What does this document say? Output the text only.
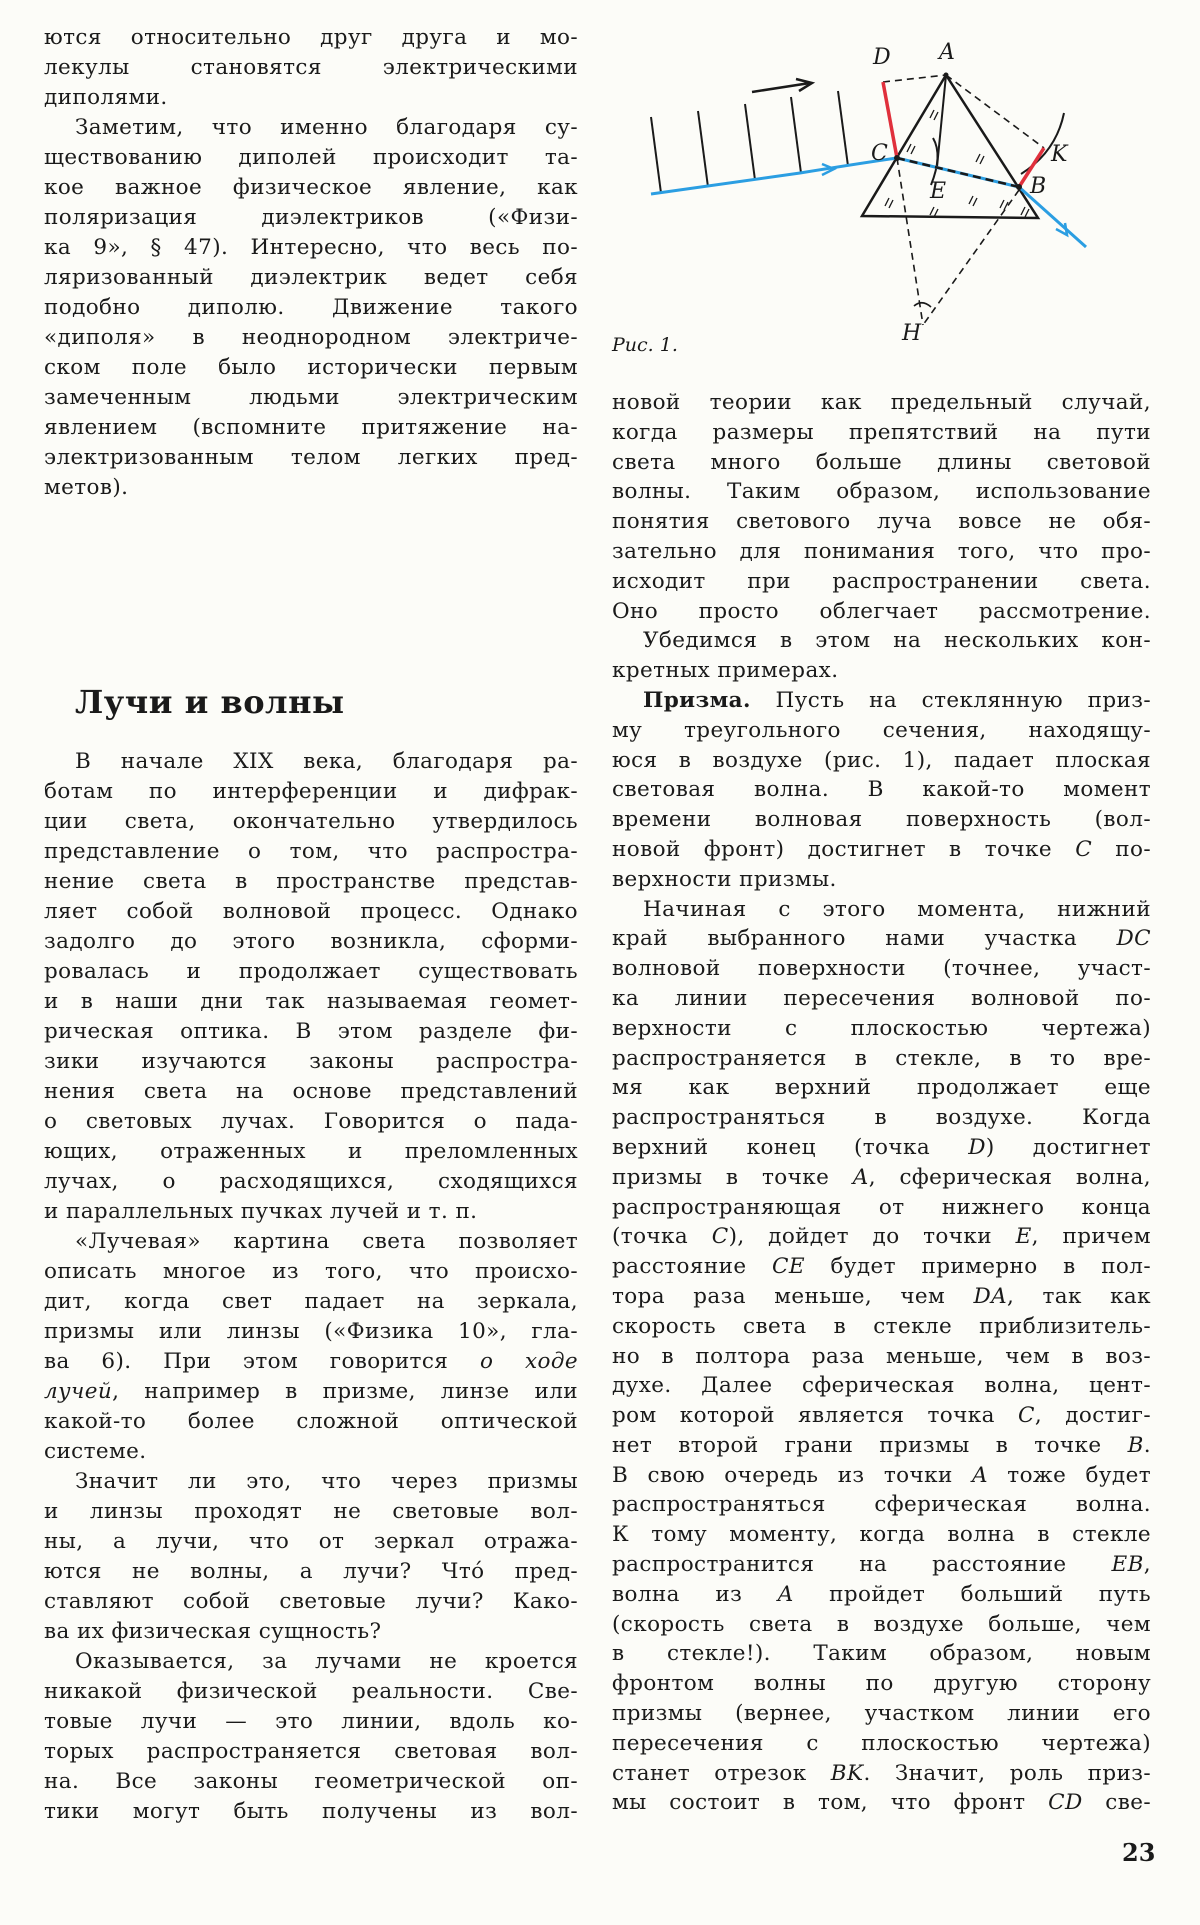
ются относительно друг друга и мо-
лекулы становятся электрическими
диполями.
Заметим, что именно благодаря су-
ществованию диполей происходит та-
кое важное физическое явление, как
поляризация диэлектриков («Физи-
ка 9», § 47). Интересно, что весь по-
ляризованный диэлектрик ведет себя
подобно диполю. Движение такого
«диполя» в неоднородном электриче-
ском поле было исторически первым
замеченным людьми электрическим
явлением (вспомните притяжение на-
электризованным телом легких пред-
метов).
Лучи и волны
В начале XIX века, благодаря ра-
ботам по интерференции и дифрак-
ции света, окончательно утвердилось
представление о том, что распростра-
нение света в пространстве представ-
ляет собой волновой процесс. Однако
задолго до этого возникла, сформи-
ровалась и продолжает существовать
и в наши дни так называемая геомет-
рическая оптика. В этом разделе фи-
зики изучаются законы распростра-
нения света на основе представлений
о световых лучах. Говорится о пада-
ющих, отраженных и преломленных
лучах, о расходящихся, сходящихся
и параллельных пучках лучей и т. п.
«Лучевая» картина света позволяет
описать многое из того, что происхо-
дит, когда свет падает на зеркала,
призмы или линзы («Физика 10», гла-
ва 6). При этом говорится о ходе
лучей, например в призме, линзе или
какой-то более сложной оптической
системе.
Значит ли это, что через призмы
и линзы проходят не световые вол-
ны, а лучи, что от зеркал отража-
ются не волны, а лучи? Чтó пред-
ставляют собой световые лучи? Како-
ва их физическая сущность?
Оказывается, за лучами не кроется
никакой физической реальности. Све-
товые лучи — это линии, вдоль ко-
торых распространяется световая вол-
на. Все законы геометрической оп-
тики могут быть получены из вол-
новой теории как предельный случай,
когда размеры препятствий на пути
света много больше длины световой
волны. Таким образом, использование
понятия светового луча вовсе не обя-
зательно для понимания того, что про-
исходит при распространении света.
Оно просто облегчает рассмотрение.
Убедимся в этом на нескольких кон-
кретных примерах.
Призма. Пусть на стеклянную приз-
му треугольного сечения, находящу-
юся в воздухе (рис. 1), падает плоская
световая волна. В какой-то момент
времени волновая поверхность (вол-
новой фронт) достигнет в точке C по-
верхности призмы.
Начиная с этого момента, нижний
край выбранного нами участка DC
волновой поверхности (точнее, участ-
ка линии пересечения волновой по-
верхности с плоскостью чертежа)
распространяется в стекле, в то вре-
мя как верхний продолжает еще
распространяться в воздухе. Когда
верхний конец (точка D) достигнет
призмы в точке A, сферическая волна,
распространяющая от нижнего конца
(точка C), дойдет до точки E, причем
расстояние CE будет примерно в пол-
тора раза меньше, чем DA, так как
скорость света в стекле приблизитель-
но в полтора раза меньше, чем в воз-
духе. Далее сферическая волна, цент-
ром которой является точка C, достиг-
нет второй грани призмы в точке B.
В свою очередь из точки A тоже будет
распространяться сферическая волна.
К тому моменту, когда волна в стекле
распространится на расстояние EB,
волна из A пройдет больший путь
(скорость света в воздухе больше, чем
в стекле!). Таким образом, новым
фронтом волны по другую сторону
призмы (вернее, участком линии его
пересечения с плоскостью чертежа)
станет отрезок BK. Значит, роль приз-
мы состоит в том, что фронт CD све-
D A
C
E	B
K
H
Рис. 1.
23
